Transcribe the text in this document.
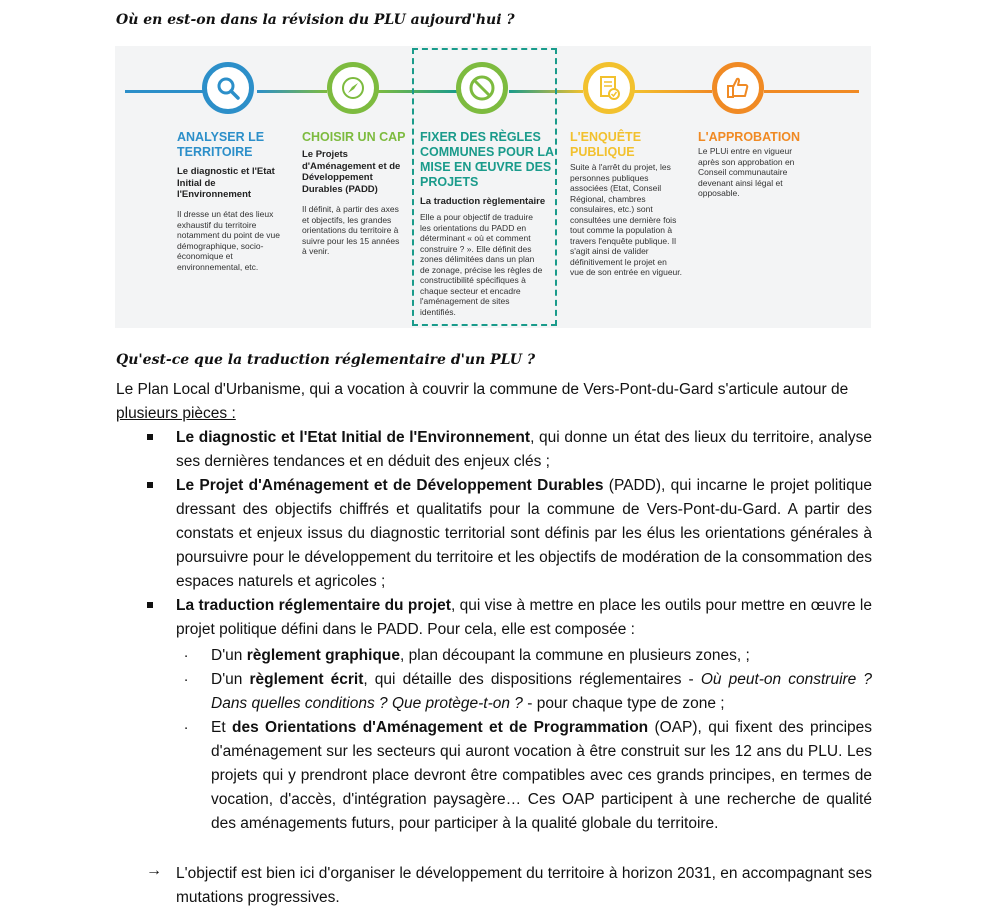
Où en est-on dans la révision du PLU aujourd'hui ?
ANALYSER LE TERRITOIRE
Le diagnostic et l'Etat Initial de l'Environnement
Il dresse un état des lieux exhaustif du territoire notamment du point de vue démographique, socio-économique et environnemental, etc.
CHOISIR UN CAP
Le Projets d'Aménagement et de Développement Durables (PADD)
Il définit, à partir des axes et objectifs, les grandes orientations du territoire à suivre pour les 15 années à venir.
FIXER DES RÈGLES COMMUNES POUR LA MISE EN ŒUVRE DES PROJETS
La traduction règlementaire
Elle a pour objectif de traduire les orientations du PADD en déterminant « où et comment construire ? ». Elle définit des zones délimitées dans un plan de zonage, précise les règles de constructibilité spécifiques à chaque secteur et encadre l'aménagement de sites identifiés.
L'ENQUÊTE PUBLIQUE
Suite à l'arrêt du projet, les personnes publiques associées (Etat, Conseil Régional, chambres consulaires, etc.) sont consultées une dernière fois tout comme la population à travers l'enquête publique. Il s'agit ainsi de valider définitivement le projet en vue de son entrée en vigueur.
L'APPROBATION
Le PLUi entre en vigueur après son approbation en Conseil communautaire devenant ainsi légal et opposable.
Qu'est-ce que la traduction réglementaire d'un PLU ?
Le Plan Local d'Urbanisme, qui a vocation à couvrir la commune de Vers-Pont-du-Gard s'articule autour de plusieurs pièces :
Le diagnostic et l'Etat Initial de l'Environnement, qui donne un état des lieux du territoire, analyse ses dernières tendances et en déduit des enjeux clés ;
Le Projet d'Aménagement et de Développement Durables (PADD), qui incarne le projet politique dressant des objectifs chiffrés et qualitatifs pour la commune de Vers-Pont-du-Gard. A partir des constats et enjeux issus du diagnostic territorial sont définis par les élus les orientations générales à poursuivre pour le développement du territoire et les objectifs de modération de la consommation des espaces naturels et agricoles ;
La traduction réglementaire du projet, qui vise à mettre en place les outils pour mettre en œuvre le projet politique défini dans le PADD. Pour cela, elle est composée :
. D'un règlement graphique, plan découpant la commune en plusieurs zones, ;
. D'un règlement écrit, qui détaille des dispositions réglementaires - Où peut-on construire ? Dans quelles conditions ? Que protège-t-on ? - pour chaque type de zone ;
. Et des Orientations d'Aménagement et de Programmation (OAP), qui fixent des principes d'aménagement sur les secteurs qui auront vocation à être construit sur les 12 ans du PLU. Les projets qui y prendront place devront être compatibles avec ces grands principes, en termes de vocation, d'accès, d'intégration paysagère… Ces OAP participent à une recherche de qualité des aménagements futurs, pour participer à la qualité globale du territoire.
→ L'objectif est bien ici d'organiser le développement du territoire à horizon 2031, en accompagnant ses mutations progressives.
